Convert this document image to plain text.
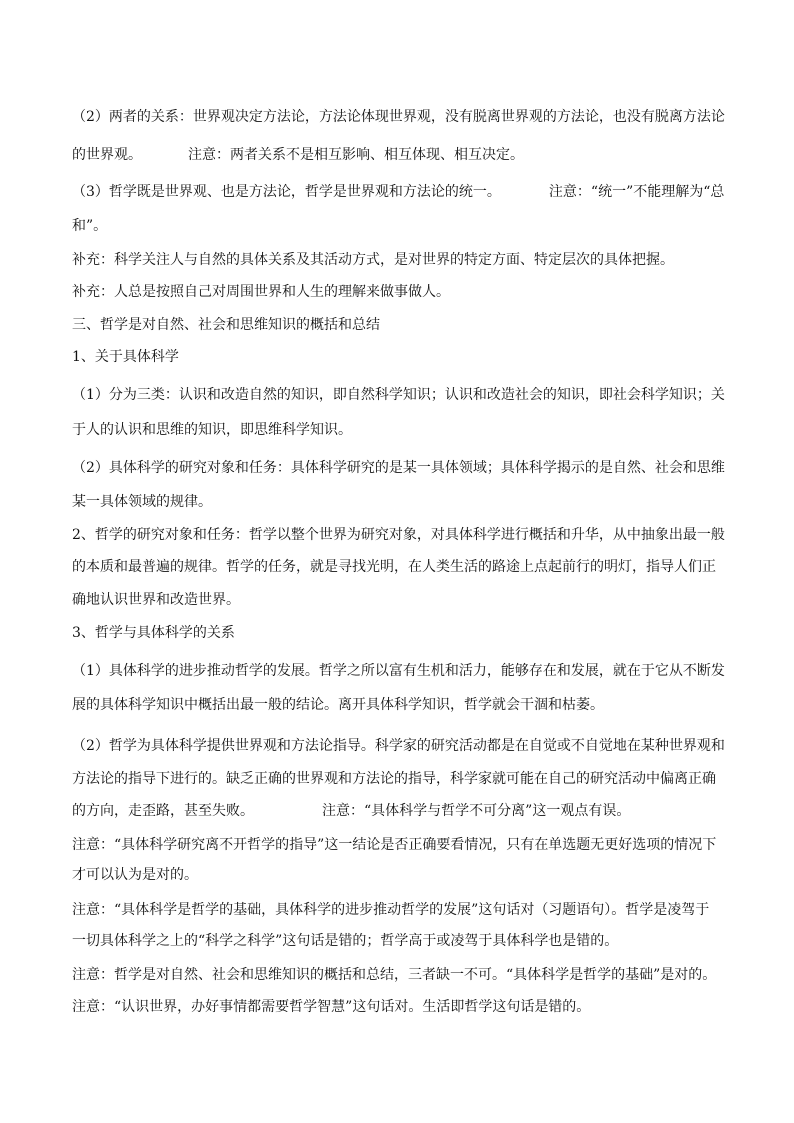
（2）两者的关系：世界观决定方法论，方法论体现世界观，没有脱离世界观的方法论，也没有脱离方法论
的世界观。	注意：两者关系不是相互影响、相互体现、相互决定。
（3）哲学既是世界观、也是方法论，哲学是世界观和方法论的统一。	注意：“统一”不能理解为“总
和”。
补充：科学关注人与自然的具体关系及其活动方式，是对世界的特定方面、特定层次的具体把握。
补充：人总是按照自己对周围世界和人生的理解来做事做人。
三、哲学是对自然、社会和思维知识的概括和总结
1、关于具体科学
（1）分为三类：认识和改造自然的知识，即自然科学知识；认识和改造社会的知识，即社会科学知识；关
于人的认识和思维的知识，即思维科学知识。
（2）具体科学的研究对象和任务：具体科学研究的是某一具体领域；具体科学揭示的是自然、社会和思维
某一具体领域的规律。
2、哲学的研究对象和任务：哲学以整个世界为研究对象，对具体科学进行概括和升华，从中抽象出最一般
的本质和最普遍的规律。哲学的任务，就是寻找光明，在人类生活的路途上点起前行的明灯，指导人们正
确地认识世界和改造世界。
3、哲学与具体科学的关系
（1）具体科学的进步推动哲学的发展。哲学之所以富有生机和活力，能够存在和发展，就在于它从不断发
展的具体科学知识中概括出最一般的结论。离开具体科学知识，哲学就会干涸和枯萎。
（2）哲学为具体科学提供世界观和方法论指导。科学家的研究活动都是在自觉或不自觉地在某种世界观和
方法论的指导下进行的。缺乏正确的世界观和方法论的指导，科学家就可能在自己的研究活动中偏离正确
的方向，走歪路，甚至失败。	注意：“具体科学与哲学不可分离”这一观点有误。
注意：“具体科学研究离不开哲学的指导”这一结论是否正确要看情况，只有在单选题无更好选项的情况下
才可以认为是对的。
注意：“具体科学是哲学的基础，具体科学的进步推动哲学的发展”这句话对（习题语句）。哲学是凌驾于
一切具体科学之上的“科学之科学”这句话是错的；哲学高于或凌驾于具体科学也是错的。
注意：哲学是对自然、社会和思维知识的概括和总结，三者缺一不可。“具体科学是哲学的基础”是对的。
注意：“认识世界，办好事情都需要哲学智慧”这句话对。生活即哲学这句话是错的。
